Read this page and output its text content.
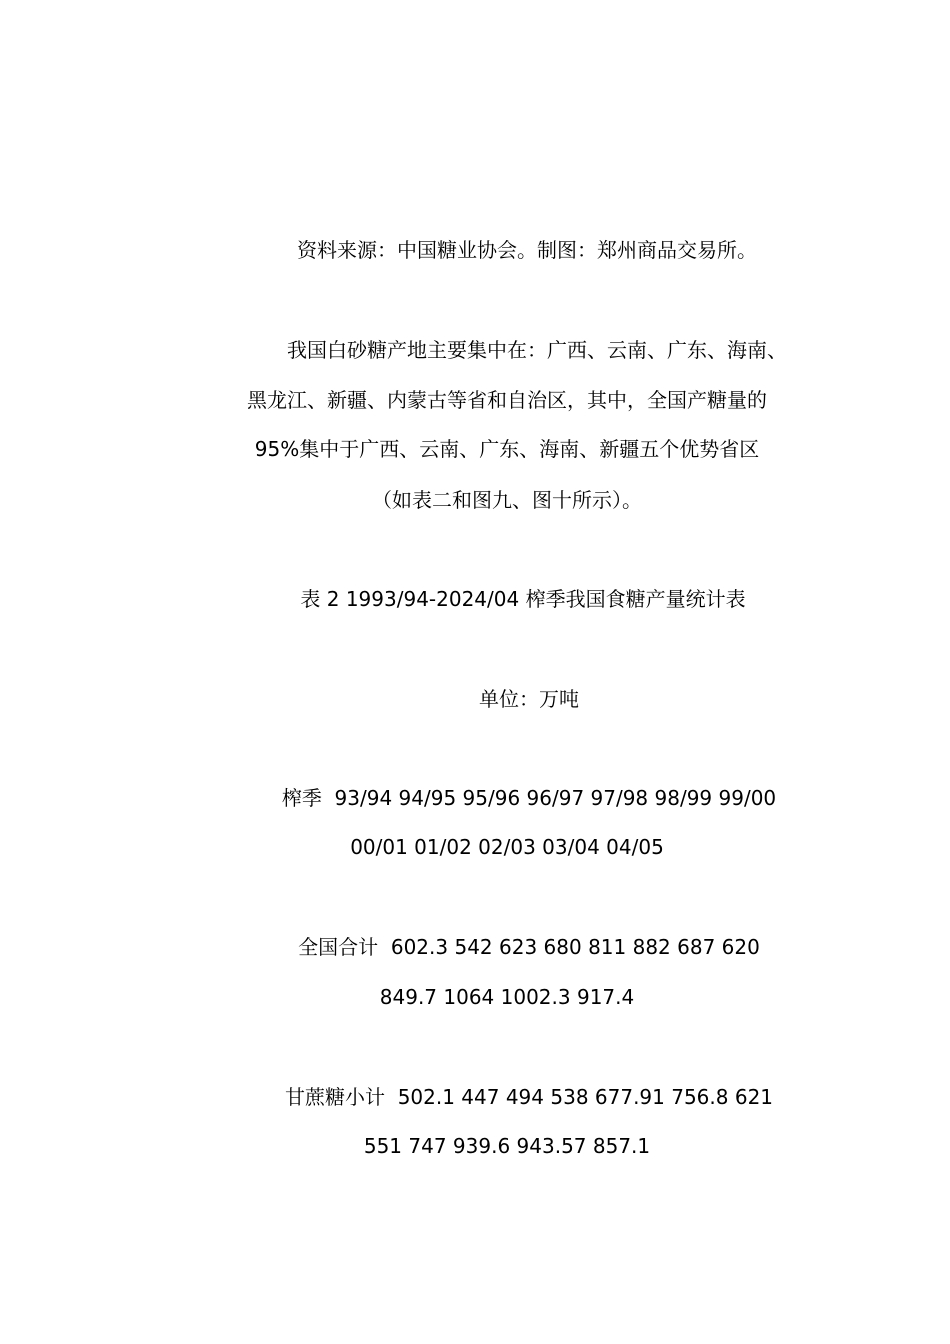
资料来源：中国糖业协会。制图：郑州商品交易所。
我国白砂糖产地主要集中在：广西、云南、广东、海南、
黑龙江、新疆、内蒙古等省和自治区，其中，全国产糖量的
95%集中于广西、云南、广东、海南、新疆五个优势省区
（如表二和图九、图十所示）。
表 2 1993/94-2024/04 榨季我国食糖产量统计表
单位：万吨
榨季 93/94 94/95 95/96 96/97 97/98 98/99 99/00
00/01 01/02 02/03 03/04 04/05
全国合计 602.3 542 623 680 811 882 687 620
849.7 1064 1002.3 917.4
甘蔗糖小计 502.1 447 494 538 677.91 756.8 621
551 747 939.6 943.57 857.1
